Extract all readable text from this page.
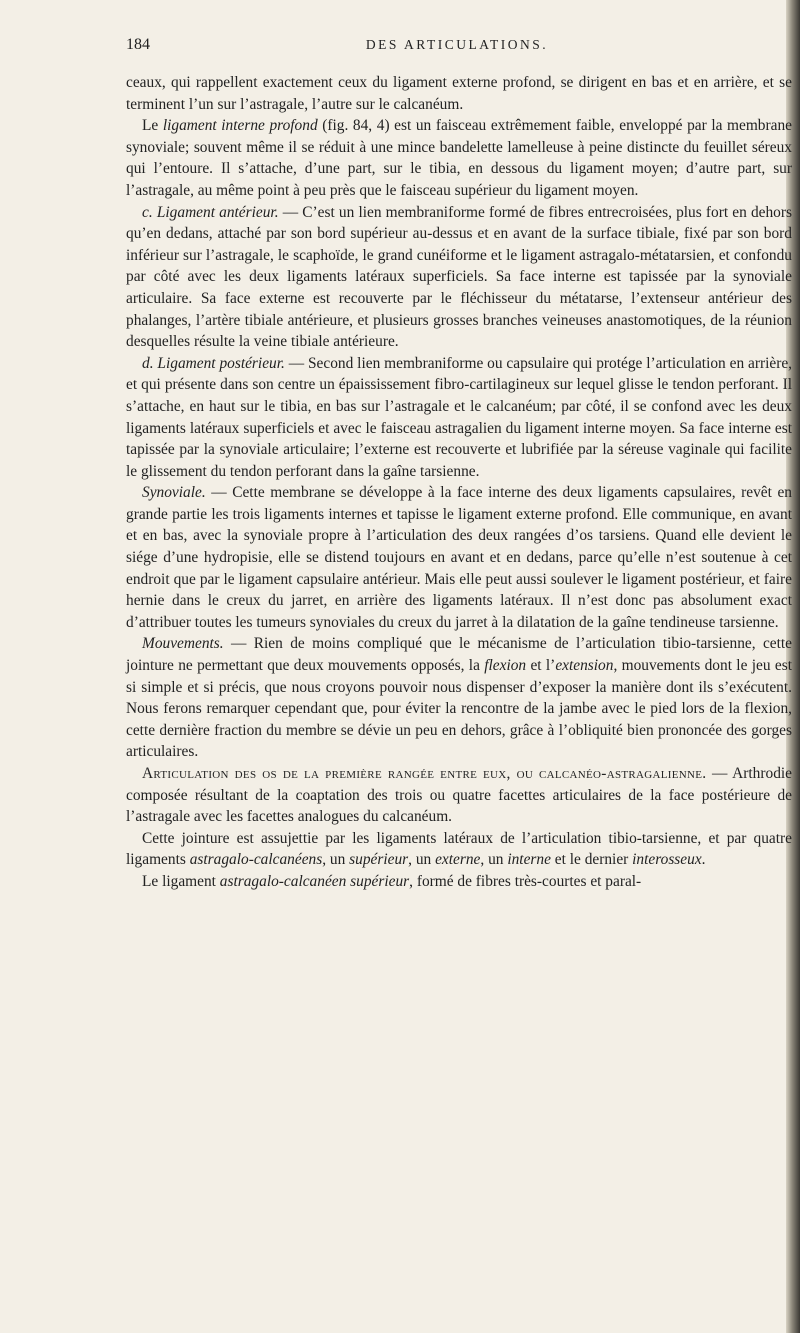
184	DES ARTICULATIONS.

ceaux, qui rappellent exactement ceux du ligament externe profond, se dirigent en bas et en arrière, et se terminent l’un sur l’astragale, l’autre sur le calcanéum.

Le ligament interne profond (fig. 84, 4) est un faisceau extrêmement faible, enveloppé par la membrane synoviale; souvent même il se réduit à une mince bandelette lamelleuse à peine distincte du feuillet séreux qui l’entoure. Il s’attache, d’une part, sur le tibia, en dessous du ligament moyen; d’autre part, sur l’astragale, au même point à peu près que le faisceau supérieur du ligament moyen.

c. Ligament antérieur. — C’est un lien membraniforme formé de fibres entrecroisées, plus fort en dehors qu’en dedans, attaché par son bord supérieur au-dessus et en avant de la surface tibiale, fixé par son bord inférieur sur l’astragale, le scaphoïde, le grand cunéiforme et le ligament astragalo-métatarsien, et confondu par côté avec les deux ligaments latéraux superficiels. Sa face interne est tapissée par la synoviale articulaire. Sa face externe est recouverte par le fléchisseur du métatarse, l’extenseur antérieur des phalanges, l’artère tibiale antérieure, et plusieurs grosses branches veineuses anastomotiques, de la réunion desquelles résulte la veine tibiale antérieure.

d. Ligament postérieur. — Second lien membraniforme ou capsulaire qui protége l’articulation en arrière, et qui présente dans son centre un épaississement fibro-cartilagineux sur lequel glisse le tendon perforant. Il s’attache, en haut sur le tibia, en bas sur l’astragale et le calcanéum; par côté, il se confond avec les deux ligaments latéraux superficiels et avec le faisceau astragalien du ligament interne moyen. Sa face interne est tapissée par la synoviale articulaire; l’externe est recouverte et lubrifiée par la séreuse vaginale qui facilite le glissement du tendon perforant dans la gaîne tarsienne.

Synoviale. — Cette membrane se développe à la face interne des deux ligaments capsulaires, revêt en grande partie les trois ligaments internes et tapisse le ligament externe profond. Elle communique, en avant et en bas, avec la synoviale propre à l’articulation des deux rangées d’os tarsiens. Quand elle devient le siége d’une hydropisie, elle se distend toujours en avant et en dedans, parce qu’elle n’est soutenue à cet endroit que par le ligament capsulaire antérieur. Mais elle peut aussi soulever le ligament postérieur, et faire hernie dans le creux du jarret, en arrière des ligaments latéraux. Il n’est donc pas absolument exact d’attribuer toutes les tumeurs synoviales du creux du jarret à la dilatation de la gaîne tendineuse tarsienne.

Mouvements. — Rien de moins compliqué que le mécanisme de l’articulation tibio-tarsienne, cette jointure ne permettant que deux mouvements opposés, la flexion et l’extension, mouvements dont le jeu est si simple et si précis, que nous croyons pouvoir nous dispenser d’exposer la manière dont ils s’exécutent. Nous ferons remarquer cependant que, pour éviter la rencontre de la jambe avec le pied lors de la flexion, cette dernière fraction du membre se dévie un peu en dehors, grâce à l’obliquité bien prononcée des gorges articulaires.

Articulation des os de la première rangée entre eux, ou calcanéo-astragalienne. — Arthrodie composée résultant de la coaptation des trois ou quatre facettes articulaires de la face postérieure de l’astragale avec les facettes analogues du calcanéum.

Cette jointure est assujettie par les ligaments latéraux de l’articulation tibio-tarsienne, et par quatre ligaments astragalo-calcanéens, un supérieur, un externe, un interne et le dernier interosseux.

Le ligament astragalo-calcanéen supérieur, formé de fibres très-courtes et paral-
